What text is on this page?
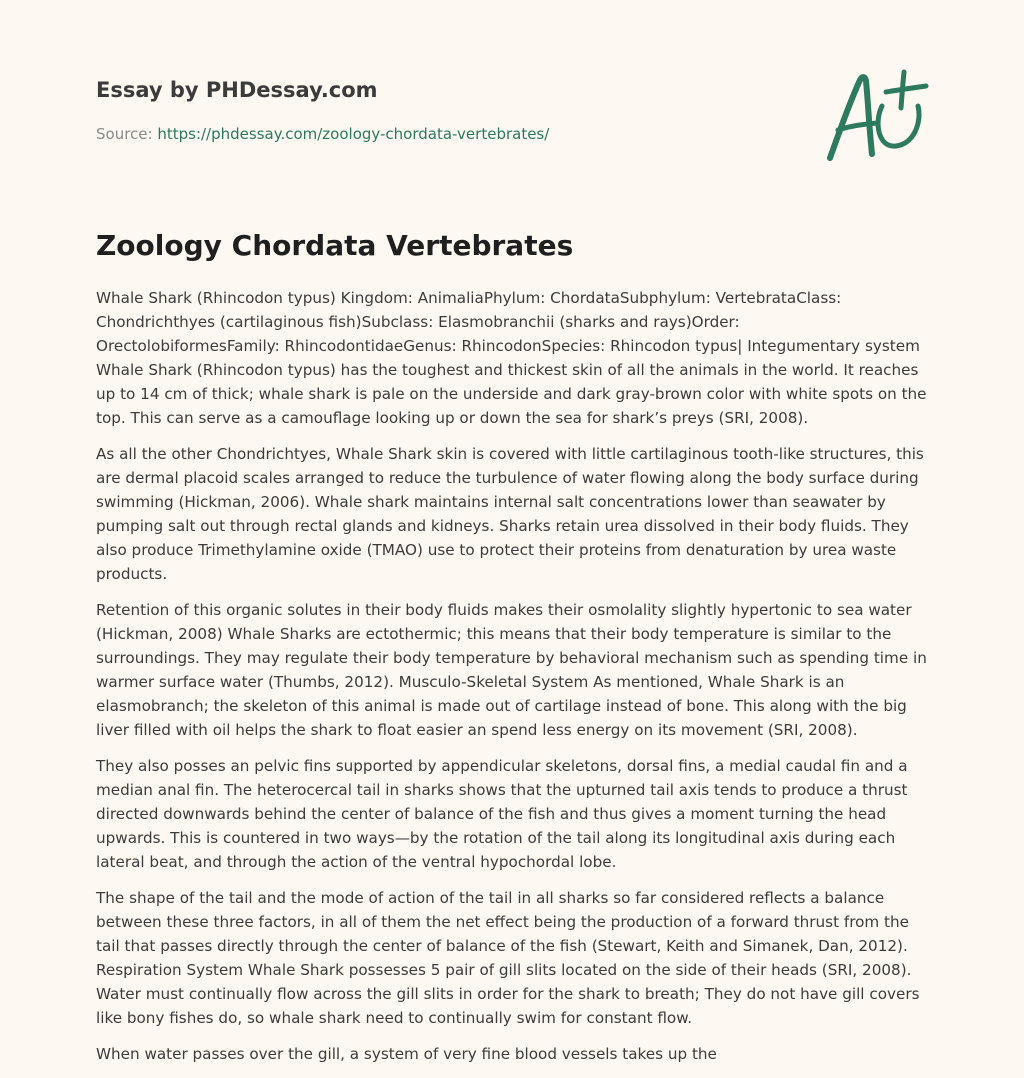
Essay by PHDessay.com
Source: https://phdessay.com/zoology-chordata-vertebrates/
Zoology Chordata Vertebrates

Whale Shark (Rhincodon typus) Kingdom: AnimaliaPhylum: ChordataSubphylum: VertebrataClass: Chondrichthyes (cartilaginous fish)Subclass: Elasmobranchii (sharks and rays)Order: OrectolobiformesFamily: RhincodontidaeGenus: RhincodonSpecies: Rhincodon typus| Integumentary system Whale Shark (Rhincodon typus) has the toughest and thickest skin of all the animals in the world. It reaches up to 14 cm of thick; whale shark is pale on the underside and dark gray-brown color with white spots on the top. This can serve as a camouflage looking up or down the sea for shark’s preys (SRI, 2008).

As all the other Chondrichtyes, Whale Shark skin is covered with little cartilaginous tooth-like structures, this are dermal placoid scales arranged to reduce the turbulence of water flowing along the body surface during swimming (Hickman, 2006). Whale shark maintains internal salt concentrations lower than seawater by pumping salt out through rectal glands and kidneys. Sharks retain urea dissolved in their body fluids. They also produce Trimethylamine oxide (TMAO) use to protect their proteins from denaturation by urea waste products.

Retention of this organic solutes in their body fluids makes their osmolality slightly hypertonic to sea water (Hickman, 2008) Whale Sharks are ectothermic; this means that their body temperature is similar to the surroundings. They may regulate their body temperature by behavioral mechanism such as spending time in warmer surface water (Thumbs, 2012). Musculo-Skeletal System As mentioned, Whale Shark is an elasmobranch; the skeleton of this animal is made out of cartilage instead of bone. This along with the big liver filled with oil helps the shark to float easier an spend less energy on its movement (SRI, 2008).

They also posses an pelvic fins supported by appendicular skeletons, dorsal fins, a medial caudal fin and a median anal fin. The heterocercal tail in sharks shows that the upturned tail axis tends to produce a thrust directed downwards behind the center of balance of the fish and thus gives a moment turning the head upwards. This is countered in two ways—by the rotation of the tail along its longitudinal axis during each lateral beat, and through the action of the ventral hypochordal lobe.

The shape of the tail and the mode of action of the tail in all sharks so far considered reflects a balance between these three factors, in all of them the net effect being the production of a forward thrust from the tail that passes directly through the center of balance of the fish (Stewart, Keith and Simanek, Dan, 2012). Respiration System Whale Shark possesses 5 pair of gill slits located on the side of their heads (SRI, 2008). Water must continually flow across the gill slits in order for the shark to breath; They do not have gill covers like bony fishes do, so whale shark need to continually swim for constant flow.

When water passes over the gill, a system of very fine blood vessels takes up the
